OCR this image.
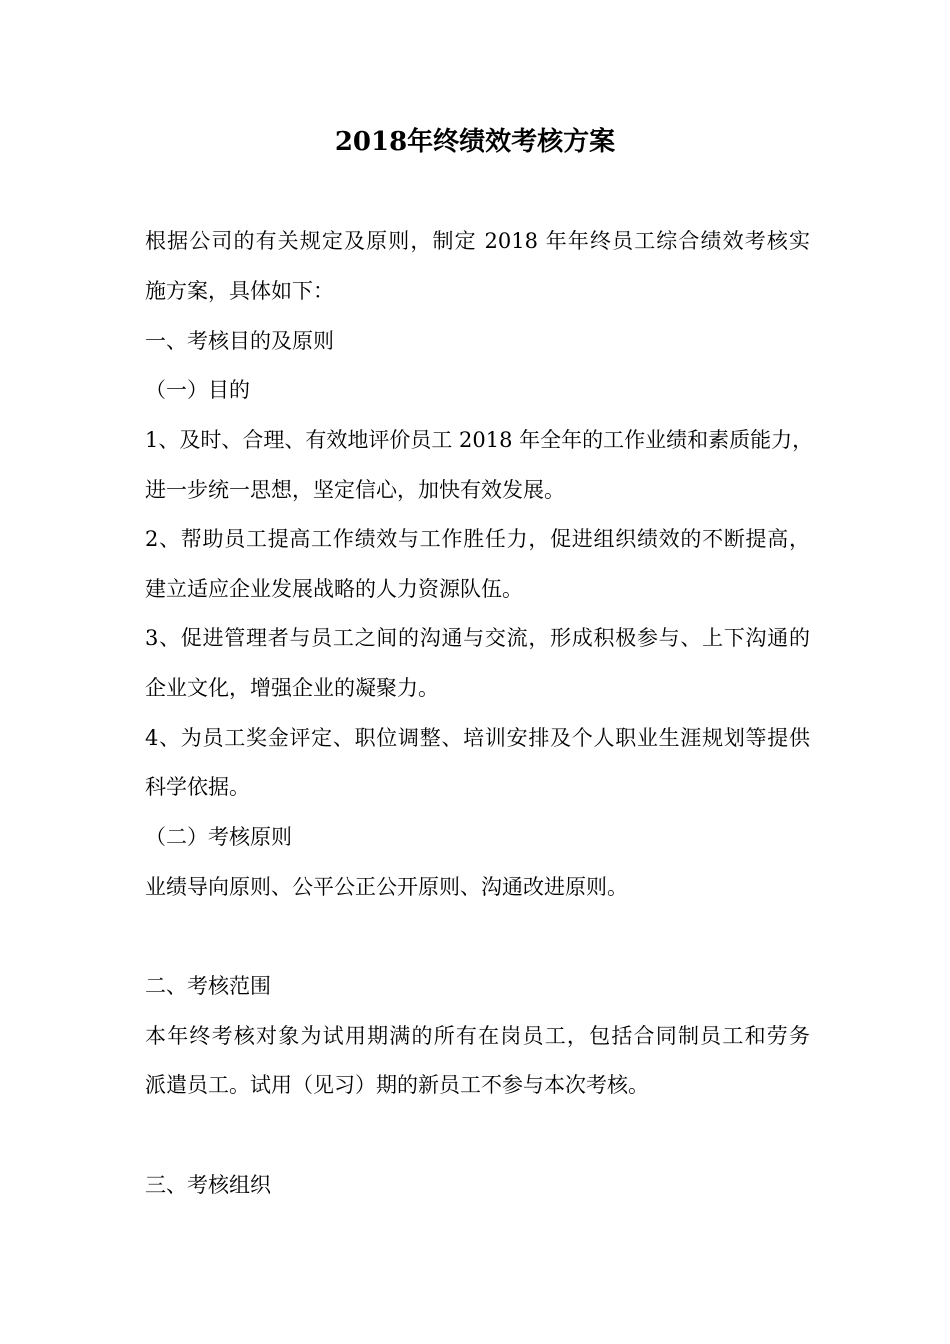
2018年终绩效考核方案
根据公司的有关规定及原则，制定 2018 年年终员工综合绩效考核实
施方案，具体如下：
一、考核目的及原则
（一）目的
1、及时、合理、有效地评价员工 2018 年全年的工作业绩和素质能力，
进一步统一思想，坚定信心，加快有效发展。
2、帮助员工提高工作绩效与工作胜任力，促进组织绩效的不断提高，
建立适应企业发展战略的人力资源队伍。
3、促进管理者与员工之间的沟通与交流，形成积极参与、上下沟通的
企业文化，增强企业的凝聚力。
4、为员工奖金评定、职位调整、培训安排及个人职业生涯规划等提供
科学依据。
（二）考核原则
业绩导向原则、公平公正公开原则、沟通改进原则。
二、考核范围
本年终考核对象为试用期满的所有在岗员工，包括合同制员工和劳务
派遣员工。试用（见习）期的新员工不参与本次考核。
三、考核组织
